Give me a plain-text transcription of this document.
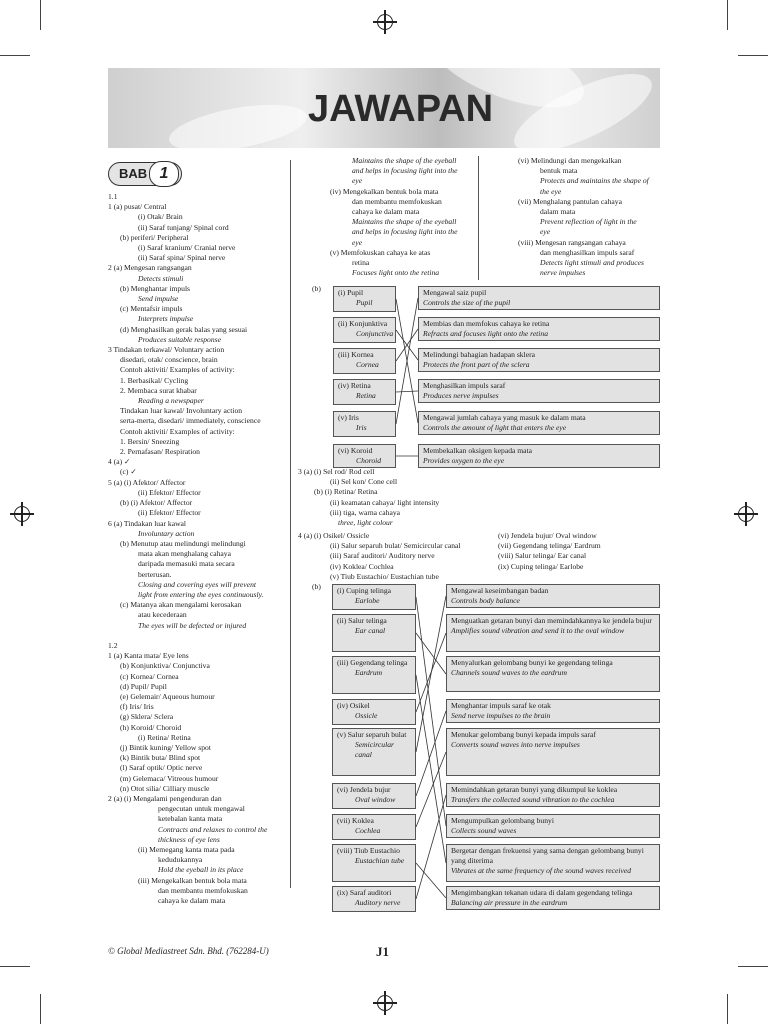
JAWAPAN
BAB 1
1.1
1 (a) pusat/ Central
(i) Otak/ Brain
(ii) Saraf tunjang/ Spinal cord
(b) periferi/ Peripheral
(i) Saraf kranium/ Cranial nerve
(ii) Saraf spina/ Spinal nerve
2 (a) Mengesan rangsangan
Detects stimuli
(b) Menghantar impuls
Send impulse
(c) Mentafsir impuls
Interprets impulse
(d) Menghasilkan gerak balas yang sesuai
Produces suitable response
3 Tindakan terkawal/ Voluntary action
disedari, otak/ conscience, brain
Contoh aktiviti/ Examples of activity:
1. Berbasikal/ Cycling
2. Membaca surat khabar
Reading a newspaper
Tindakan luar kawal/ Involuntary action
serta-merta, disedari/ immediately, conscience
Contoh aktiviti/ Examples of activity:
1. Bersin/ Sneezing
2. Pernafasan/ Respiration
4 (a) ✓
(c) ✓
5 (a) (i) Afektor/ Affector
(ii) Efektor/ Effector
(b) (i) Afektor/ Affector
(ii) Efektor/ Effector
6 (a) Tindakan luar kawal
Involuntary action
(b) Menutup atau melindungi melindungi
mata akan menghalang cahaya
daripada memasuki mata secara
berterusan.
Closing and covering eyes will prevent
light from entering the eyes continuously.
(c) Matanya akan mengalami kerosakan
atau kecederaan
The eyes will be defected or injured

1.2
1 (a) Kanta mata/ Eye lens
(b) Konjunktiva/ Conjunctiva
(c) Kornea/ Cornea
(d) Pupil/ Pupil
(e) Gelemair/ Aqueous humour
(f) Iris/ Iris
(g) Sklera/ Sclera
(h) Koroid/ Choroid
(i) Retina/ Retina
(j) Bintik kuning/ Yellow spot
(k) Bintik buta/ Blind spot
(l) Saraf optik/ Optic nerve
(m) Gelemaca/ Vitreous humour
(n) Otot silia/ Cilliary muscle
2 (a) (i) Mengalami pengenduran dan
pengecutan untuk mengawal
ketebalan kanta mata
Contracts and relaxes to control the
thickness of eye lens
(ii) Memegang kanta mata pada
kedudukannya
Hold the eyeball in its place
(iii) Mengekalkan bentuk bola mata
dan membantu memfokuskan
cahaya ke dalam mata
Maintains the shape of the eyeball
and helps in focusing light into the
eye
(iv) Mengekalkan bentuk bola mata
dan membantu memfokuskan
cahaya ke dalam mata
Maintains the shape of the eyeball
and helps in focusing light into the
eye
(v) Memfokuskan cahaya ke atas
retina
Focuses light onto the retina
(vi) Melindungi dan mengekalkan
bentuk mata
Protects and maintains the shape of
the eye
(vii) Menghalang pantulan cahaya
dalam mata
Prevent reflection of light in the
eye
(viii) Mengesan rangsangan cahaya
dan menghasilkan impuls saraf
Detects light stimuli and produces
nerve impulses
(b) (i) Pupil
Pupil
(ii) Konjunktiva
Conjunctiva
(iii) Kornea
Cornea
(iv) Retina
Retina
(v) Iris
Iris
(vi) Koroid
Choroid
Mengawal saiz pupil
Controls the size of the pupil
Membias dan memfokus cahaya ke retina
Refracts and focuses light onto the retina
Melindungi bahagian hadapan sklera
Protects the front part of the sclera
Menghasilkan impuls saraf
Produces nerve impulses
Mengawal jumlah cahaya yang masuk ke dalam mata
Controls the amount of light that enters the eye
Membekalkan oksigen kepada mata
Provides oxygen to the eye
3 (a) (i) Sel rod/ Rod cell
(ii) Sel kon/ Cone cell
(b) (i) Retina/ Retina
(ii) keamatan cahaya/ light intensity
(iii) tiga, warna cahaya
three, light colour
4 (a) (i) Osikel/ Ossicle
(ii) Salur separuh bulat/ Semicircular canal
(iii) Saraf auditori/ Auditory nerve
(iv) Koklea/ Cochlea
(v) Tiub Eustachio/ Eustachian tube
(vi) Jendela bujur/ Oval window
(vii) Gegendang telinga/ Eardrum
(viii) Salur telinga/ Ear canal
(ix) Cuping telinga/ Earlobe
(b) (i) Cuping telinga
Earlobe
(ii) Salur telinga
Ear canal
(iii) Gegendang telinga
Eardrum
(iv) Osikel
Ossicle
(v) Salur separuh bulat
Semicircular canal
(vi) Jendela bujur
Oval window
(vii) Koklea
Cochlea
(viii) Tiub Eustachio
Eustachian tube
(ix) Saraf auditori
Auditory nerve
Mengawal keseimbangan badan
Controls body balance
Menguatkan getaran bunyi dan memindahkannya ke jendela bujur
Amplifies sound vibration and send it to the oval window
Menyalurkan gelombang bunyi ke gegendang telinga
Channels sound waves to the eardrum
Menghantar impuls saraf ke otak
Send nerve impulses to the brain
Menukar gelombang bunyi kepada impuls saraf
Converts sound waves into nerve impulses
Memindahkan getaran bunyi yang dikumpul ke koklea
Transfers the collected sound vibration to the cochlea
Mengumpulkan gelombang bunyi
Collects sound waves
Bergetar dengan frekuensi yang sama dengan gelombang bunyi yang diterima
Vibrates at the same frequency of the sound waves received
Mengimbangkan tekanan udara di dalam gegendang telinga
Balancing air pressure in the eardrum
© Global Mediastreet Sdn. Bhd. (762284-U)	J1
